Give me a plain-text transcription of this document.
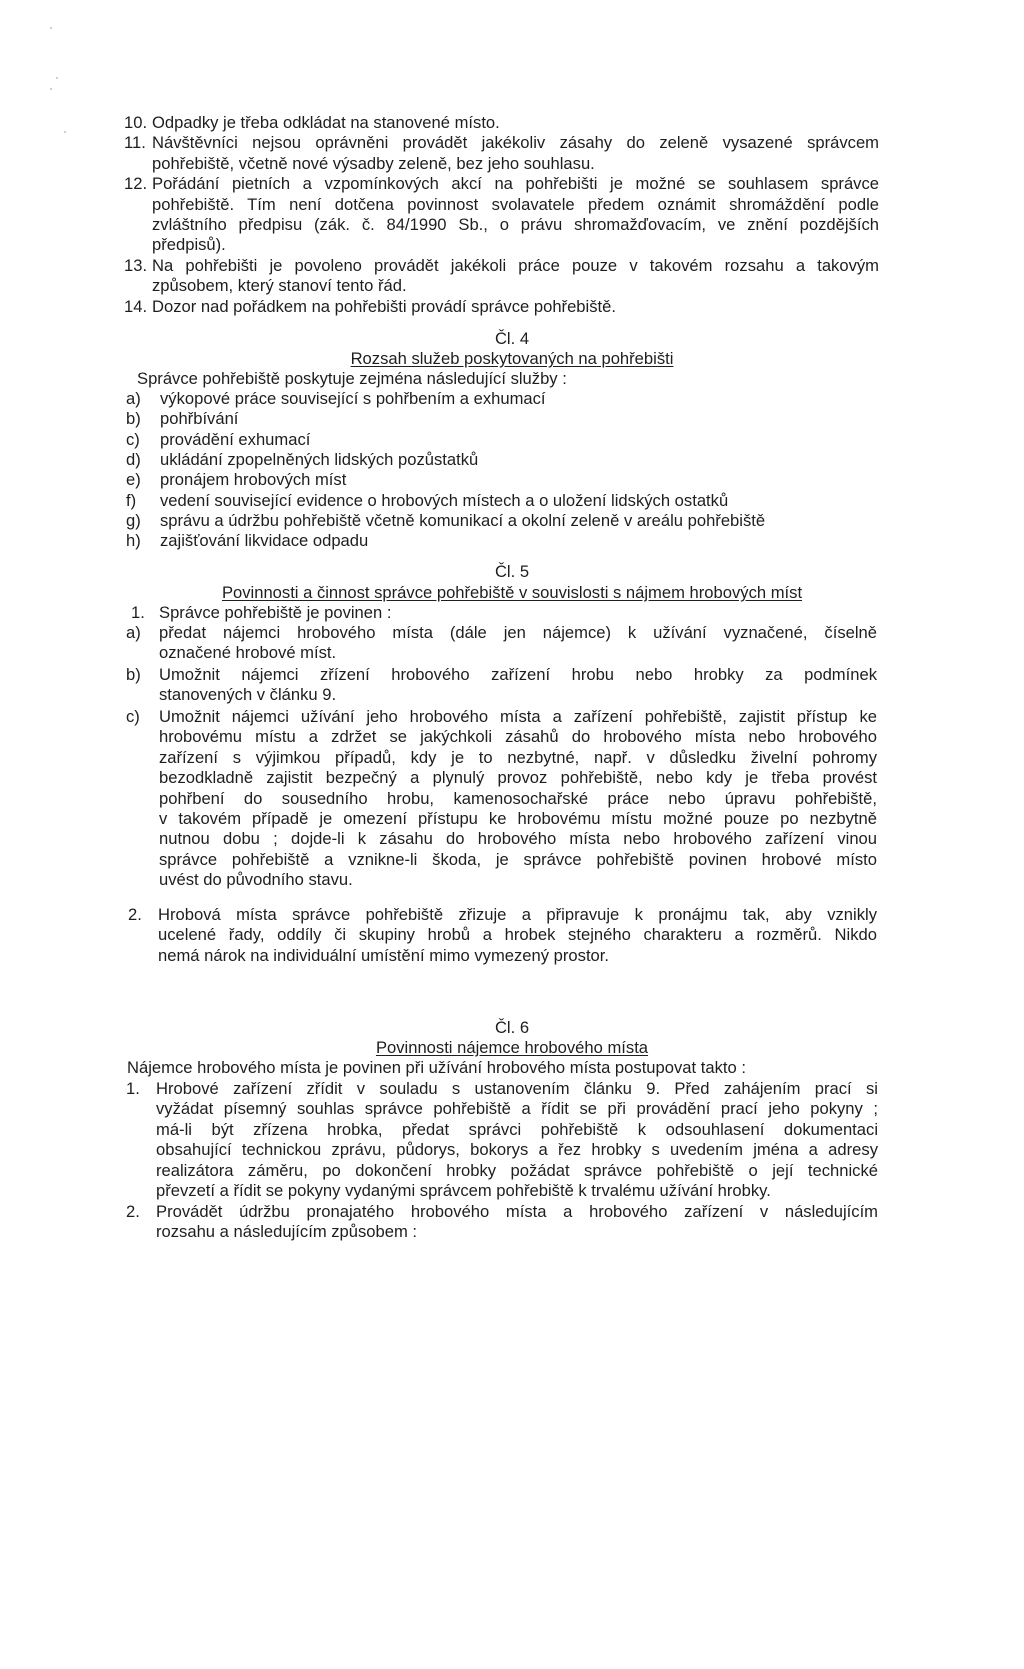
10. Odpadky je třeba odkládat na stanovené místo.
11. Návštěvníci nejsou oprávněni provádět jakékoliv zásahy do zeleně vysazené správcem
pohřebiště, včetně nové výsadby zeleně, bez jeho souhlasu.
12. Pořádání pietních a vzpomínkových akcí na pohřebišti je možné se souhlasem správce
pohřebiště. Tím není dotčena povinnost svolavatele předem oznámit shromáždění podle
zvláštního předpisu (zák. č. 84/1990 Sb., o právu shromažďovacím, ve znění pozdějších
předpisů).
13. Na pohřebišti je povoleno provádět jakékoli práce pouze v takovém rozsahu a takovým
způsobem, který stanoví tento řád.
14. Dozor nad pořádkem na pohřebišti provádí správce pohřebiště.
Čl. 4
Rozsah služeb poskytovaných na pohřebišti
Správce pohřebiště poskytuje zejména následující služby :
a) výkopové práce související s pohřbením a exhumací
b) pohřbívání
c) provádění exhumací
d) ukládání zpopelněných lidských pozůstatků
e) pronájem hrobových míst
f) vedení související evidence o hrobových místech a o uložení lidských ostatků
g) správu a údržbu pohřebiště včetně komunikací a okolní zeleně v areálu pohřebiště
h) zajišťování likvidace odpadu
Čl. 5
Povinnosti a činnost správce pohřebiště v souvislosti s nájmem hrobových míst
1. Správce pohřebiště je povinen :
a) předat nájemci hrobového místa (dále jen nájemce) k užívání vyznačené, číselně
označené hrobové míst.
b) Umožnit nájemci zřízení hrobového zařízení hrobu nebo hrobky za podmínek
stanovených v článku 9.
c) Umožnit nájemci užívání jeho hrobového místa a zařízení pohřebiště, zajistit přístup ke
hrobovému místu a zdržet se jakýchkoli zásahů do hrobového místa nebo hrobového
zařízení s výjimkou případů, kdy je to nezbytné, např. v důsledku živelní pohromy
bezodkladně zajistit bezpečný a plynulý provoz pohřebiště, nebo kdy je třeba provést
pohřbení do sousedního hrobu, kamenosochařské práce nebo úpravu pohřebiště,
v takovém případě je omezení přístupu ke hrobovému místu možné pouze po nezbytně
nutnou dobu ; dojde-li k zásahu do hrobového místa nebo hrobového zařízení vinou
správce pohřebiště a vznikne-li škoda, je správce pohřebiště povinen hrobové místo
uvést do původního stavu.
2. Hrobová místa správce pohřebiště zřizuje a připravuje k pronájmu tak, aby vznikly
ucelené řady, oddíly či skupiny hrobů a hrobek stejného charakteru a rozměrů. Nikdo
nemá nárok na individuální umístění mimo vymezený prostor.
Čl. 6
Povinnosti nájemce hrobového místa
Nájemce hrobového místa je povinen při užívání hrobového místa postupovat takto :
1. Hrobové zařízení zřídit v souladu s ustanovením článku 9. Před zahájením prací si
vyžádat písemný souhlas správce pohřebiště a řídit se při provádění prací jeho pokyny ;
má-li být zřízena hrobka, předat správci pohřebiště k odsouhlasení dokumentaci
obsahující technickou zprávu, půdorys, bokorys a řez hrobky s uvedením jména a adresy
realizátora záměru, po dokončení hrobky požádat správce pohřebiště o její technické
převzetí a řídit se pokyny vydanými správcem pohřebiště k trvalému užívání hrobky.
2. Provádět údržbu pronajatého hrobového místa a hrobového zařízení v následujícím
rozsahu a následujícím způsobem :
